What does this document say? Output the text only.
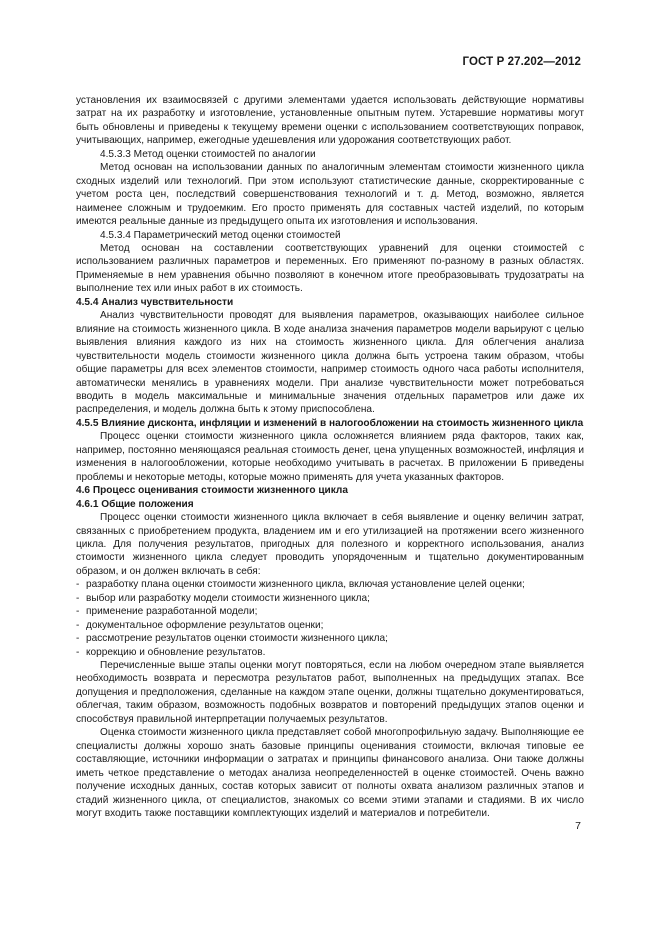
ГОСТ Р 27.202—2012

установления их взаимосвязей с другими элементами удается использовать действующие нормативы затрат на их разработку и изготовление, установленные опытным путем. Устаревшие нормативы могут быть обновлены и приведены к текущему времени оценки с использованием соответствующих поправок, учитывающих, например, ежегодные удешевления или удорожания соответствующих работ.

4.5.3.3 Метод оценки стоимостей по аналогии

Метод основан на использовании данных по аналогичным элементам стоимости жизненного цикла сходных изделий или технологий. При этом используют статистические данные, скорректированные с учетом роста цен, последствий совершенствования технологий и т. д. Метод, возможно, является наименее сложным и трудоемким. Его просто применять для составных частей изделий, по которым имеются реальные данные из предыдущего опыта их изготовления и использования.

4.5.3.4 Параметрический метод оценки стоимостей

Метод основан на составлении соответствующих уравнений для оценки стоимостей с использованием различных параметров и переменных. Его применяют по-разному в разных областях. Применяемые в нем уравнения обычно позволяют в конечном итоге преобразовывать трудозатраты на выполнение тех или иных работ в их стоимость.

4.5.4 Анализ чувствительности

Анализ чувствительности проводят для выявления параметров, оказывающих наиболее сильное влияние на стоимость жизненного цикла. В ходе анализа значения параметров модели варьируют с целью выявления влияния каждого из них на стоимость жизненного цикла. Для облегчения анализа чувствительности модель стоимости жизненного цикла должна быть устроена таким образом, чтобы общие параметры для всех элементов стоимости, например стоимость одного часа работы исполнителя, автоматически менялись в уравнениях модели. При анализе чувствительности может потребоваться вводить в модель максимальные и минимальные значения отдельных параметров или даже их распределения, и модель должна быть к этому приспособлена.

4.5.5 Влияние дисконта, инфляции и изменений в налогообложении на стоимость жизненного цикла

Процесс оценки стоимости жизненного цикла осложняется влиянием ряда факторов, таких как, например, постоянно меняющаяся реальная стоимость денег, цена упущенных возможностей, инфляция и изменения в налогообложении, которые необходимо учитывать в расчетах. В приложении Б приведены проблемы и некоторые методы, которые можно применять для учета указанных факторов.

4.6 Процесс оценивания стоимости жизненного цикла

4.6.1 Общие положения

Процесс оценки стоимости жизненного цикла включает в себя выявление и оценку величин затрат, связанных с приобретением продукта, владением им и его утилизацией на протяжении всего жизненного цикла. Для получения результатов, пригодных для полезного и корректного использования, анализ стоимости жизненного цикла следует проводить упорядоченным и тщательно документированным образом, и он должен включать в себя:

- разработку плана оценки стоимости жизненного цикла, включая установление целей оценки;
- выбор или разработку модели стоимости жизненного цикла;
- применение разработанной модели;
- документальное оформление результатов оценки;
- рассмотрение результатов оценки стоимости жизненного цикла;
- коррекцию и обновление результатов.

Перечисленные выше этапы оценки могут повторяться, если на любом очередном этапе выявляется необходимость возврата и пересмотра результатов работ, выполненных на предыдущих этапах. Все допущения и предположения, сделанные на каждом этапе оценки, должны тщательно документироваться, облегчая, таким образом, возможность подобных возвратов и повторений предыдущих этапов оценки и способствуя правильной интерпретации получаемых результатов.

Оценка стоимости жизненного цикла представляет собой многопрофильную задачу. Выполняющие ее специалисты должны хорошо знать базовые принципы оценивания стоимости, включая типовые ее составляющие, источники информации о затратах и принципы финансового анализа. Они также должны иметь четкое представление о методах анализа неопределенностей в оценке стоимостей. Очень важно получение исходных данных, состав которых зависит от полноты охвата анализом различных этапов и стадий жизненного цикла, от специалистов, знакомых со всеми этими этапами и стадиями. В их число могут входить также поставщики комплектующих изделий и материалов и потребители.

7
